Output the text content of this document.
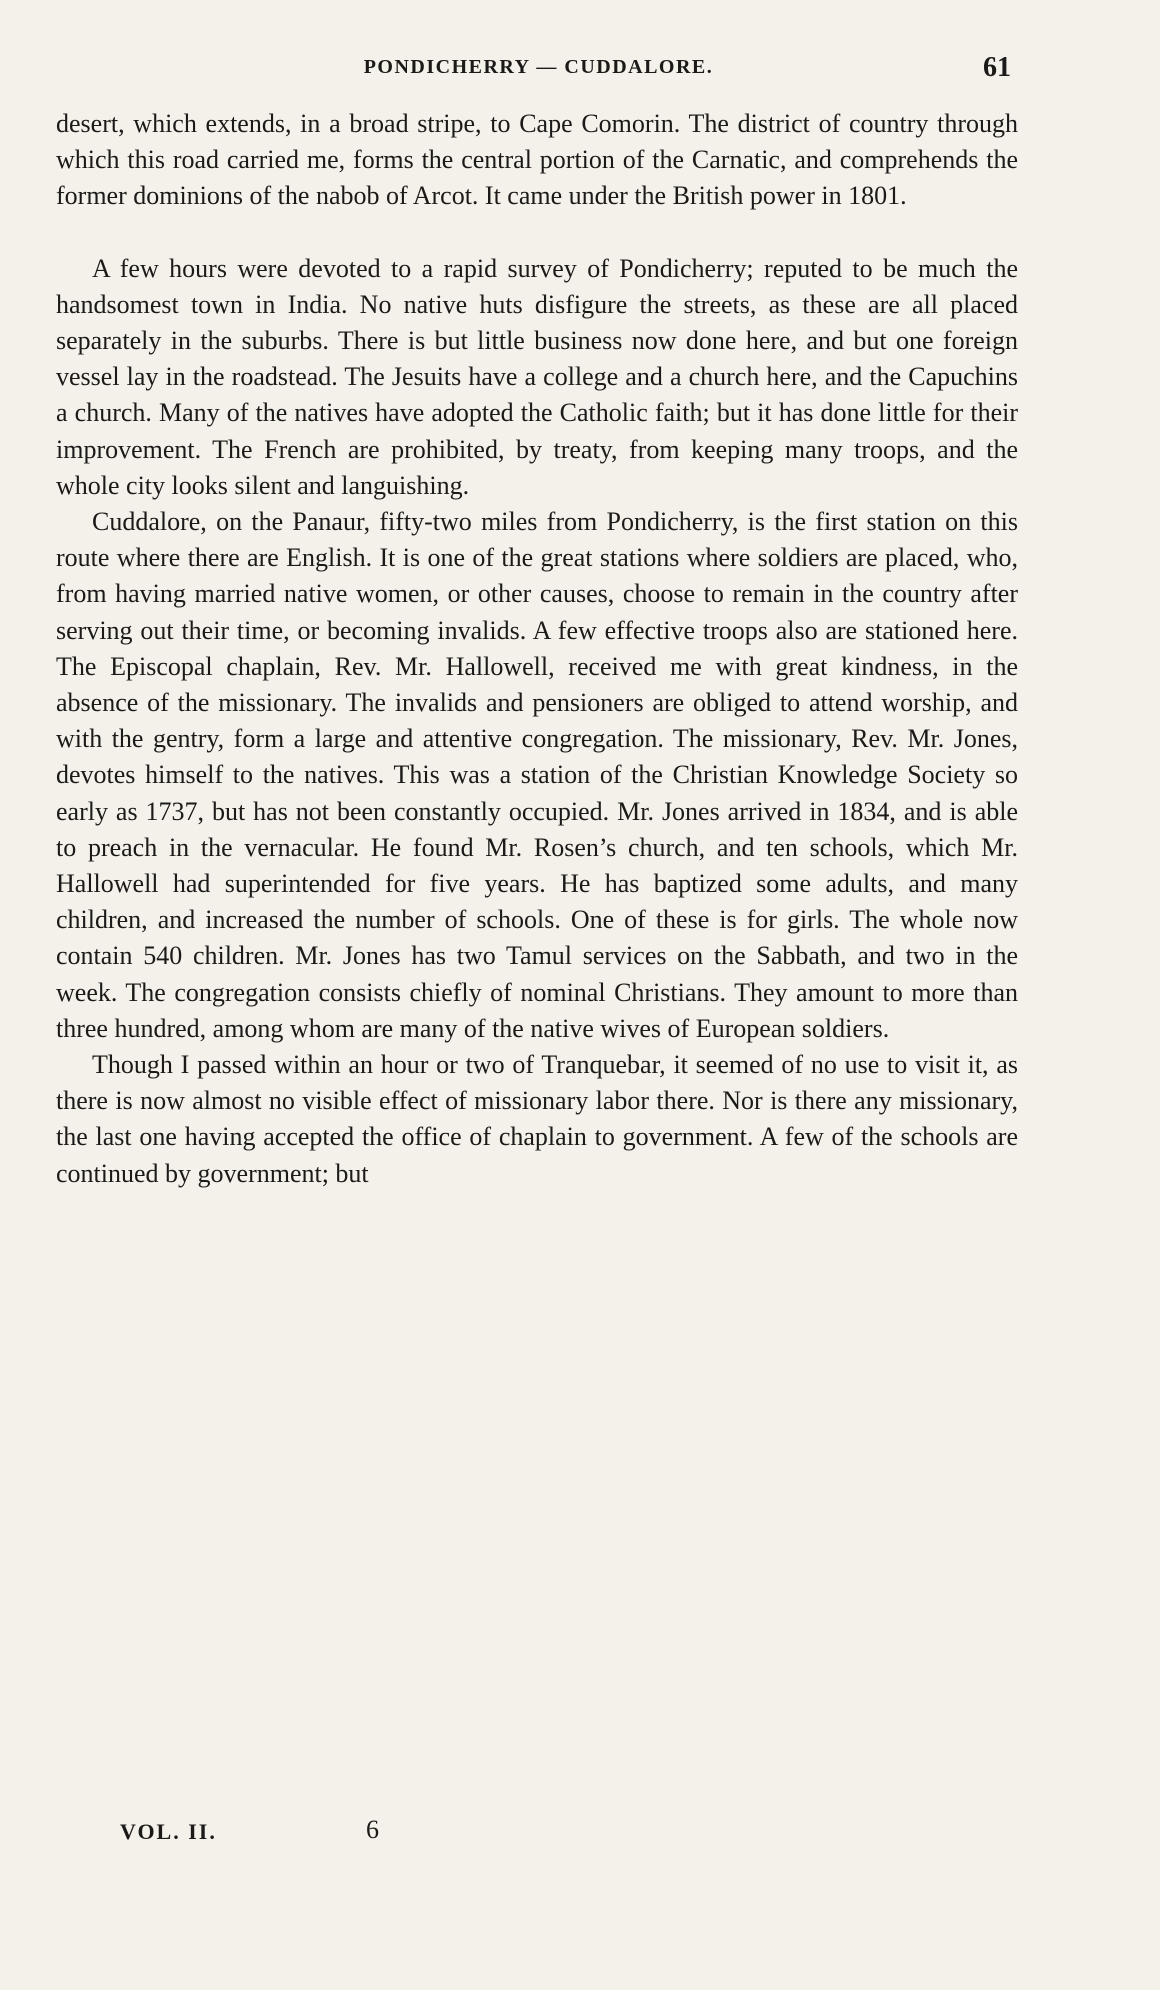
PONDICHERRY — CUDDALORE.	61

desert, which extends, in a broad stripe, to Cape Comorin. The district of country through which this road carried me, forms the central portion of the Carnatic, and comprehends the former dominions of the nabob of Arcot. It came under the British power in 1801.

A few hours were devoted to a rapid survey of Pondicherry; reputed to be much the handsomest town in India. No native huts disfigure the streets, as these are all placed separately in the suburbs. There is but little business now done here, and but one foreign vessel lay in the roadstead. The Jesuits have a college and a church here, and the Capuchins a church. Many of the natives have adopted the Catholic faith; but it has done little for their improvement. The French are prohibited, by treaty, from keeping many troops, and the whole city looks silent and languishing.

Cuddalore, on the Panaur, fifty-two miles from Pondicherry, is the first station on this route where there are English. It is one of the great stations where soldiers are placed, who, from having married native women, or other causes, choose to remain in the country after serving out their time, or becoming invalids. A few effective troops also are stationed here. The Episcopal chaplain, Rev. Mr. Hallowell, received me with great kindness, in the absence of the missionary. The invalids and pensioners are obliged to attend worship, and with the gentry, form a large and attentive congregation. The missionary, Rev. Mr. Jones, devotes himself to the natives. This was a station of the Christian Knowledge Society so early as 1737, but has not been constantly occupied. Mr. Jones arrived in 1834, and is able to preach in the vernacular. He found Mr. Rosen’s church, and ten schools, which Mr. Hallowell had superintended for five years. He has baptized some adults, and many children, and increased the number of schools. One of these is for girls. The whole now contain 540 children. Mr. Jones has two Tamul services on the Sabbath, and two in the week. The congregation consists chiefly of nominal Christians. They amount to more than three hundred, among whom are many of the native wives of European soldiers.

Though I passed within an hour or two of Tranquebar, it seemed of no use to visit it, as there is now almost no visible effect of missionary labor there. Nor is there any missionary, the last one having accepted the office of chaplain to government. A few of the schools are continued by government; but

VOL. II.	6
